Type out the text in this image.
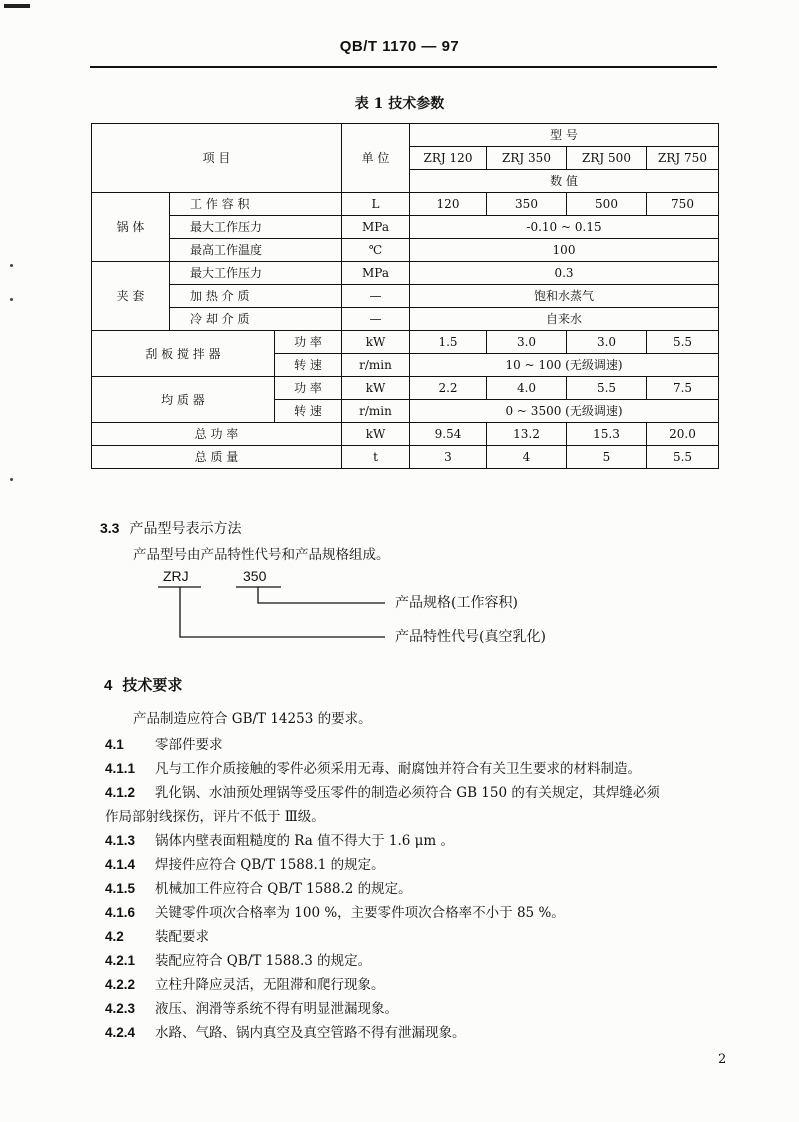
QB/T 1170 — 97
表 1 技术参数
项 目			单 位	型 号			
				ZRJ 120	ZRJ 350	ZRJ 500	ZRJ 750
				数 值			
锅 体	工 作 容 积		L	120	350	500	750
	最大工作压力		MPa	-0.10 ~ 0.15			
	最高工作温度		℃	100			
夹 套	最大工作压力		MPa	0.3			
	加 热 介 质		—	饱和水蒸气			
	冷 却 介 质		—	自来水			
刮 板 搅 拌 器		功 率	kW	1.5	3.0	3.0	5.5
		转 速	r/min	10 ~ 100 (无级调速)			
均 质 器		功 率	kW	2.2	4.0	5.5	7.5
		转 速	r/min	0 ~ 3500 (无级调速)			
总 功 率			kW	9.54	13.2	15.3	20.0
总 质 量			t	3	4	5	5.5
3.3 产品型号表示方法
产品型号由产品特性代号和产品规格组成。
ZRJ	350
产品规格(工作容积)
产品特性代号(真空乳化)
4 技术要求
产品制造应符合 GB/T 14253 的要求。
4.1 零部件要求
4.1.1 凡与工作介质接触的零件必须采用无毒、耐腐蚀并符合有关卫生要求的材料制造。
4.1.2 乳化锅、水油预处理锅等受压零件的制造必须符合 GB 150 的有关规定，其焊缝必须
作局部射线探伤，评片不低于 Ⅲ级。
4.1.3 锅体内壁表面粗糙度的 Ra 值不得大于 1.6 μm 。
4.1.4 焊接件应符合 QB/T 1588.1 的规定。
4.1.5 机械加工件应符合 QB/T 1588.2 的规定。
4.1.6 关键零件项次合格率为 100 %，主要零件项次合格率不小于 85 %。
4.2 装配要求
4.2.1 装配应符合 QB/T 1588.3 的规定。
4.2.2 立柱升降应灵活，无阻滞和爬行现象。
4.2.3 液压、润滑等系统不得有明显泄漏现象。
4.2.4 水路、气路、锅内真空及真空管路不得有泄漏现象。
2
